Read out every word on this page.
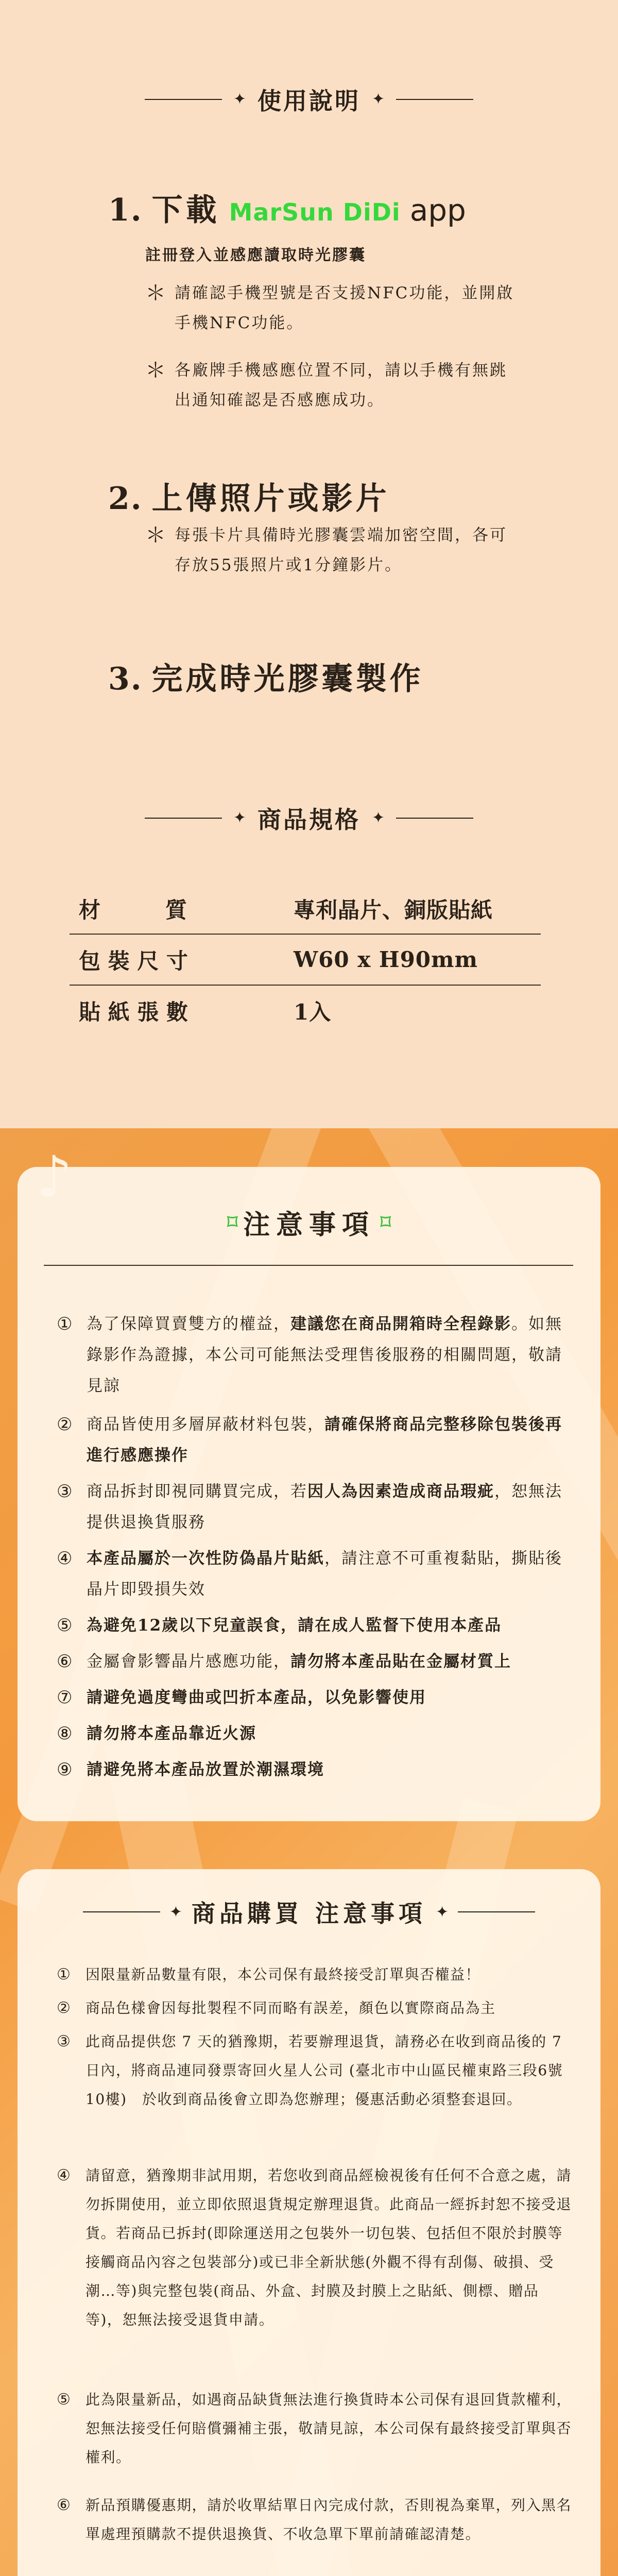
✦ 使用說明 ✦
1. 下載 MarSun DiDi app
註冊登入並感應讀取時光膠囊
＊ 請確認手機型號是否支援NFC功能，並開啟手機NFC功能。
＊ 各廠牌手機感應位置不同，請以手機有無跳出通知確認是否感應成功。
2. 上傳照片或影片
＊ 每張卡片具備時光膠囊雲端加密空間，各可存放55張照片或1分鐘影片。
3. 完成時光膠囊製作
✦ 商品規格 ✦
材　　　質	專利晶片、銅版貼紙
包 裝 尺 寸	W60 x H90mm
貼 紙 張 數	1入
⌑ 注意事項 ⌑
① 為了保障買賣雙方的權益，建議您在商品開箱時全程錄影。如無錄影作為證據，本公司可能無法受理售後服務的相關問題，敬請見諒
② 商品皆使用多層屏蔽材料包裝，請確保將商品完整移除包裝後再進行感應操作
③ 商品拆封即視同購買完成，若因人為因素造成商品瑕疵，恕無法提供退換貨服務
④ 本產品屬於一次性防偽晶片貼紙，請注意不可重複黏貼，撕貼後晶片即毀損失效
⑤ 為避免12歲以下兒童誤食，請在成人監督下使用本產品
⑥ 金屬會影響晶片感應功能，請勿將本產品貼在金屬材質上
⑦ 請避免過度彎曲或凹折本產品，以免影響使用
⑧ 請勿將本產品靠近火源
⑨ 請避免將本產品放置於潮濕環境
✦ 商品購買 注意事項 ✦
① 因限量新品數量有限，本公司保有最終接受訂單與否權益！
② 商品色樣會因每批製程不同而略有誤差，顏色以實際商品為主
③ 此商品提供您 7 天的猶豫期，若要辦理退貨，請務必在收到商品後的 7 日內，將商品連同發票寄回火星人公司 (臺北市中山區民權東路三段6號10樓)　於收到商品後會立即為您辦理；優惠活動必須整套退回。
④ 請留意，猶豫期非試用期，若您收到商品經檢視後有任何不合意之處，請勿拆開使用，並立即依照退貨規定辦理退貨。此商品一經拆封恕不接受退貨。若商品已拆封(即除運送用之包裝外一切包裝、包括但不限於封膜等接觸商品內容之包裝部分)或已非全新狀態(外觀不得有刮傷、破損、受潮…等)與完整包裝(商品、外盒、封膜及封膜上之貼紙、側標、贈品等)，恕無法接受退貨申請。
⑤ 此為限量新品，如遇商品缺貨無法進行換貨時本公司保有退回貨款權利，恕無法接受任何賠償彌補主張，敬請見諒，本公司保有最終接受訂單與否權利。
⑥ 新品預購優惠期，請於收單結單日內完成付款，否則視為棄單，列入黑名單處理預購款不提供退換貨、不收急單下單前請確認清楚。
